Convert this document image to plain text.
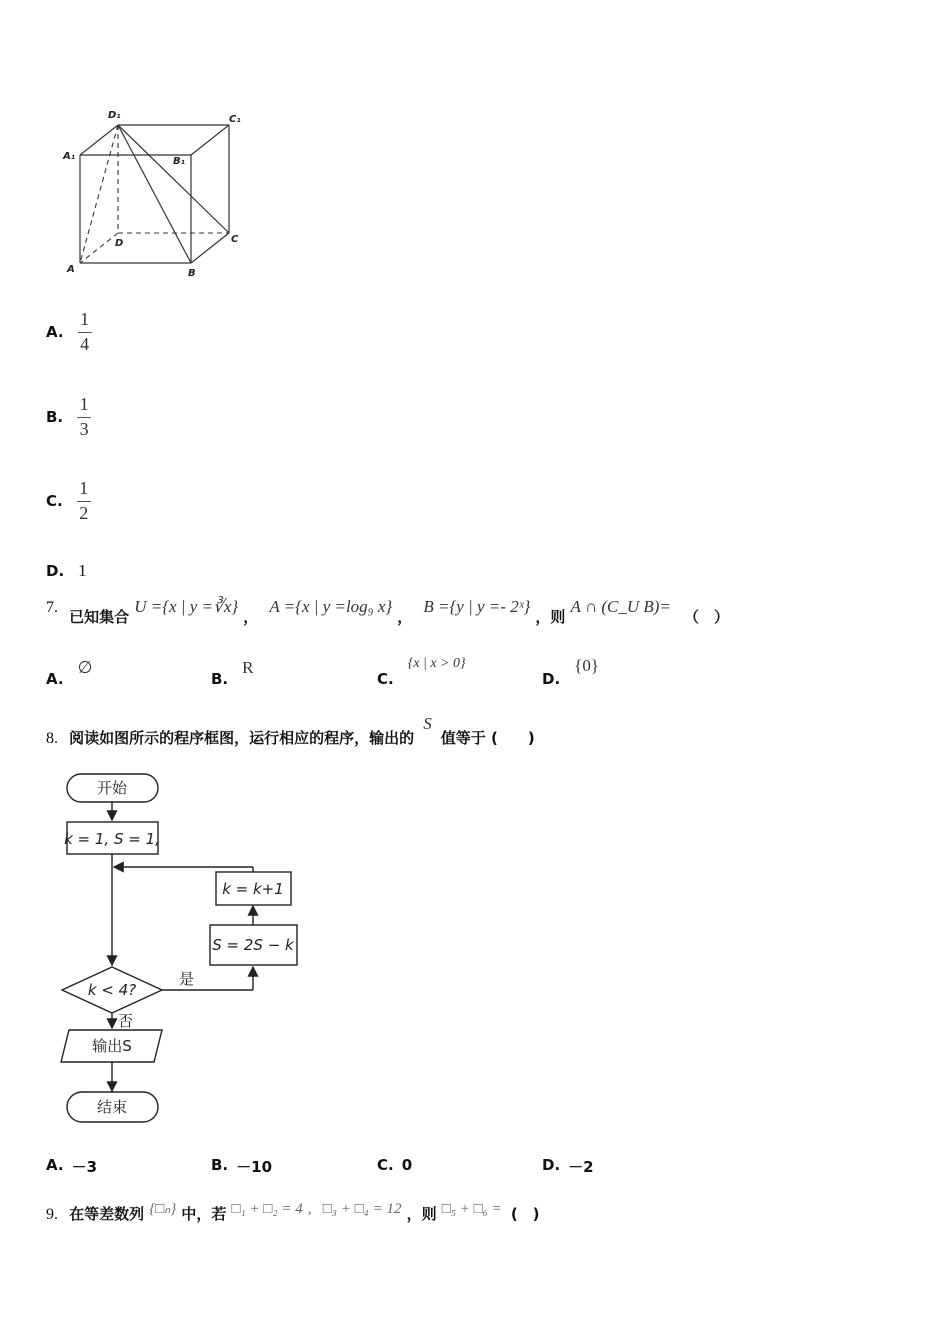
D₁	C₁
A₁	B₁
D	C
A	B
A. $\frac{1}{4}$
B. $\frac{1}{3}$
C. $\frac{1}{2}$
D. 1
7. 已知集合 U ={x | y =∛x} ， A ={x | y =log₉ x} ， B ={y | y =- 2ˣ} ，则 A ∩ (C_U B)= （　）
A.
∅
B.
R
C.
{x | x > 0}
D.
{0}
8. 阅读如图所示的程序框图，运行相应的程序，输出的 S 值等于 (　　)
开始
k = 1, S = 1,
k = k+1
S = 2S − k
k < 4?
是
否
输出S
结束
A. －3	B. －10	C. 0	D. －2
9. 在等差数列 {□ₙ} 中，若 □₁ + □₂ = 4 , □₃ + □₄ = 12 ，则 □₅ + □₆ = (　)
